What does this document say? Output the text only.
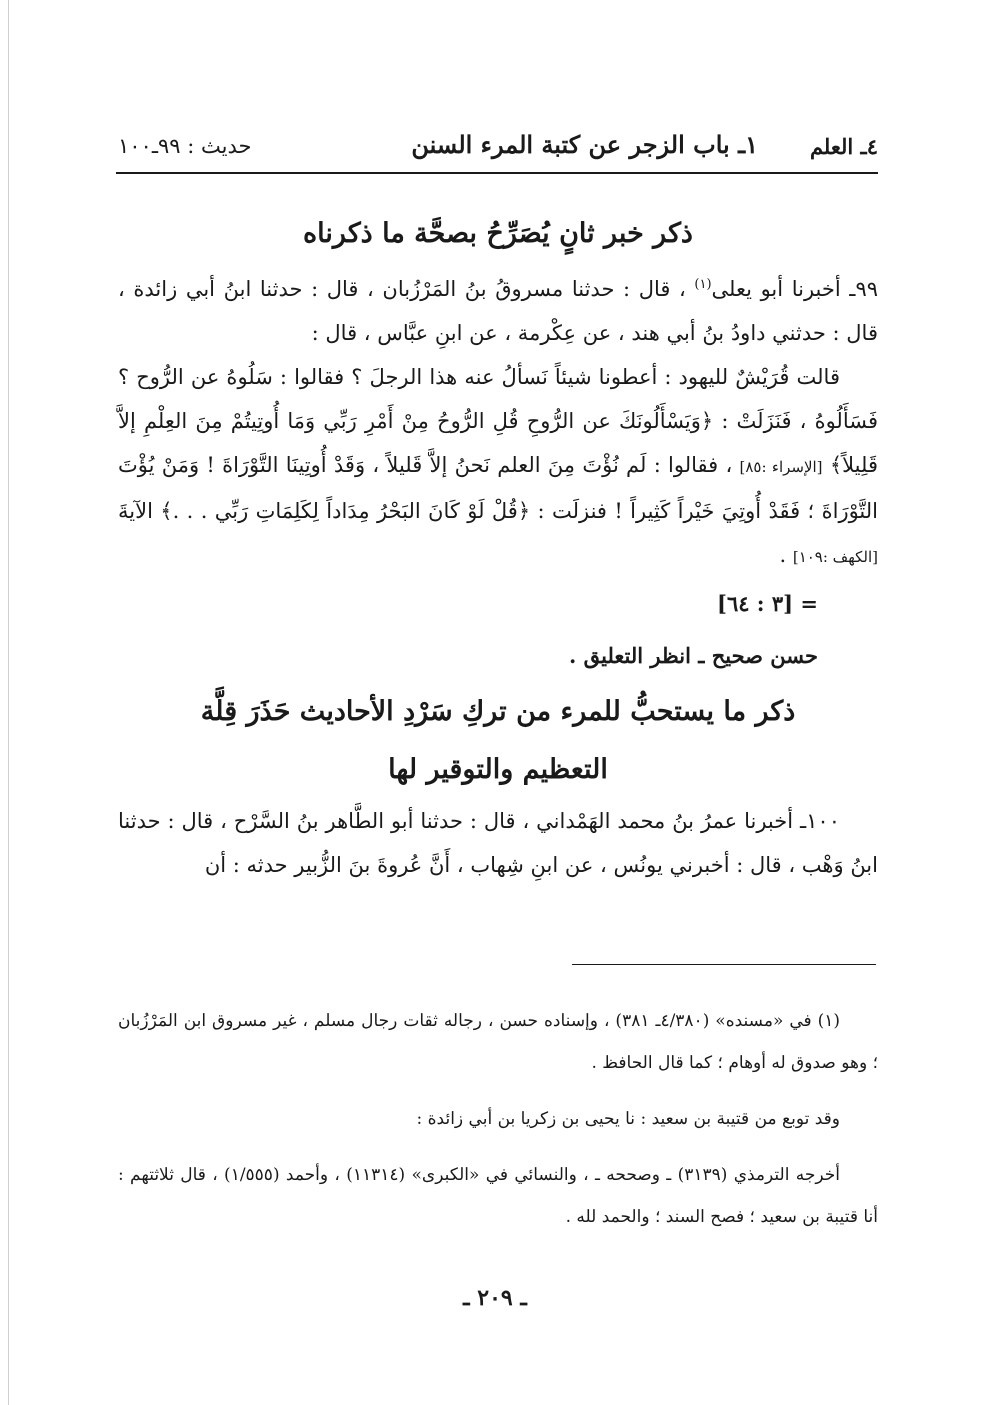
٤ـ العلم
١ـ باب الزجر عن كتبة المرء السنن
حديث : ٩٩ـ١٠٠
ذكر خبر ثانٍ يُصَرِّحُ بصحَّة ما ذكرناه

٩٩ـ أخبرنا أبو يعلى$^{(١)}$ ، قال : حدثنا مسروقُ بنُ المَرْزُبان ، قال : حدثنا ابنُ أبي زائدة ، قال : حدثني داودُ بنُ أبي هند ، عن عِكْرمة ، عن ابنِ عبَّاس ، قال :

قالت قُرَيْشٌ لليهود : أعطونا شيئاً نَسألُ عنه هذا الرجلَ ؟ فقالوا : سَلُوهُ عن الرُّوح ؟ فَسَأَلُوهُ ، فَنَزَلَتْ : ﴿وَيَسْأَلُونَكَ عن الرُّوحِ قُلِ الرُّوحُ مِنْ أَمْرِ رَبِّي وَمَا أُوتِيتُمْ مِنَ العِلْمِ إلاَّ قَلِيلاً﴾ [الإسراء :٨٥] ، فقالوا : لَم نُؤْتَ مِنَ العلم نَحنُ إلاَّ قَليلاً ، وَقَدْ أُوتِينَا التَّوْرَاةَ ! وَمَنْ يُؤْتَ التَّوْرَاةَ ؛ فَقَدْ أُوتِيَ خَيْراً كَثِيراً ! فنزلَت : ﴿قُلْ لَوْ كَانَ البَحْرُ مِدَاداً لِكَلِمَاتِ رَبِّي . . .﴾ الآيةَ [الكهف :١٠٩] .

= [٣ : ٦٤]
حسن صحيح ـ انظر التعليق .
ذكر ما يستحبُّ للمرء من تركِ سَرْدِ الأحاديث حَذَرَ قِلَّة
التعظيم والتوقير لها

١٠٠ـ أخبرنا عمرُ بنُ محمد الهَمْداني ، قال : حدثنا أبو الطَّاهر بنُ السَّرْح ، قال : حدثنا ابنُ وَهْب ، قال : أخبرني يونُس ، عن ابنِ شِهاب ، أَنَّ عُروةَ بنَ الزُّبير حدثه : أن

(١) في «مسنده» (٤/٣٨٠ـ ٣٨١) ، وإسناده حسن ، رجاله ثقات رجال مسلم ، غير مسروق ابن المَرْزُبان ؛ وهو صدوق له أوهام ؛ كما قال الحافظ .

وقد توبع من قتيبة بن سعيد : نا يحيى بن زكريا بن أبي زائدة :

أخرجه الترمذي (٣١٣٩) ـ وصححه ـ ، والنسائي في «الكبرى» (١١٣١٤) ، وأحمد (١/٥٥٥) ، قال ثلاثتهم : أنا قتيبة بن سعيد ؛ فصح السند ؛ والحمد لله .

ـ ٢٠٩ ـ
